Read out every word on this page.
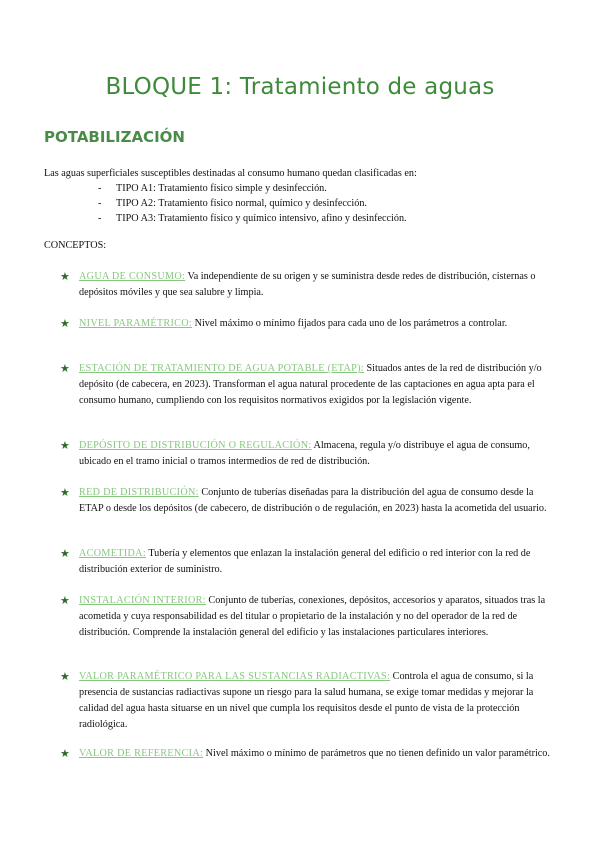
BLOQUE 1: Tratamiento de aguas
POTABILIZACIÓN
Las aguas superficiales susceptibles destinadas al consumo humano quedan clasificadas en:
- TIPO A1: Tratamiento físico simple y desinfección.
- TIPO A2: Tratamiento físico normal, químico y desinfección.
- TIPO A3: Tratamiento físico y químico intensivo, afino y desinfección.
CONCEPTOS:
★ AGUA DE CONSUMO: Va independiente de su origen y se suministra desde redes de distribución, cisternas o depósitos móviles y que sea salubre y limpia.
★ NIVEL PARAMÉTRICO: Nivel máximo o mínimo fijados para cada uno de los parámetros a controlar.
★ ESTACIÓN DE TRATAMIENTO DE AGUA POTABLE (ETAP): Situados antes de la red de distribución y/o depósito (de cabecera, en 2023). Transforman el agua natural procedente de las captaciones en agua apta para el consumo humano, cumpliendo con los requisitos normativos exigidos por la legislación vigente.
★ DEPÓSITO DE DISTRIBUCIÓN O REGULACIÓN: Almacena, regula y/o distribuye el agua de consumo, ubicado en el tramo inicial o tramos intermedios de red de distribución.
★ RED DE DISTRIBUCIÓN: Conjunto de tuberías diseñadas para la distribución del agua de consumo desde la ETAP o desde los depósitos (de cabecero, de distribución o de regulación, en 2023) hasta la acometida del usuario.
★ ACOMETIDA: Tubería y elementos que enlazan la instalación general del edificio o red interior con la red de distribución exterior de suministro.
★ INSTALACIÓN INTERIOR: Conjunto de tuberías, conexiones, depósitos, accesorios y aparatos, situados tras la acometida y cuya responsabilidad es del titular o propietario de la instalación y no del operador de la red de distribución. Comprende la instalación general del edificio y las instalaciones particulares interiores.
★ VALOR PARAMÉTRICO PARA LAS SUSTANCIAS RADIACTIVAS: Controla el agua de consumo, si la presencia de sustancias radiactivas supone un riesgo para la salud humana, se exige tomar medidas y mejorar la calidad del agua hasta situarse en un nivel que cumpla los requisitos desde el punto de vista de la protección radiológica.
★ VALOR DE REFERENCIA: Nivel máximo o mínimo de parámetros que no tienen definido un valor paramétrico.
